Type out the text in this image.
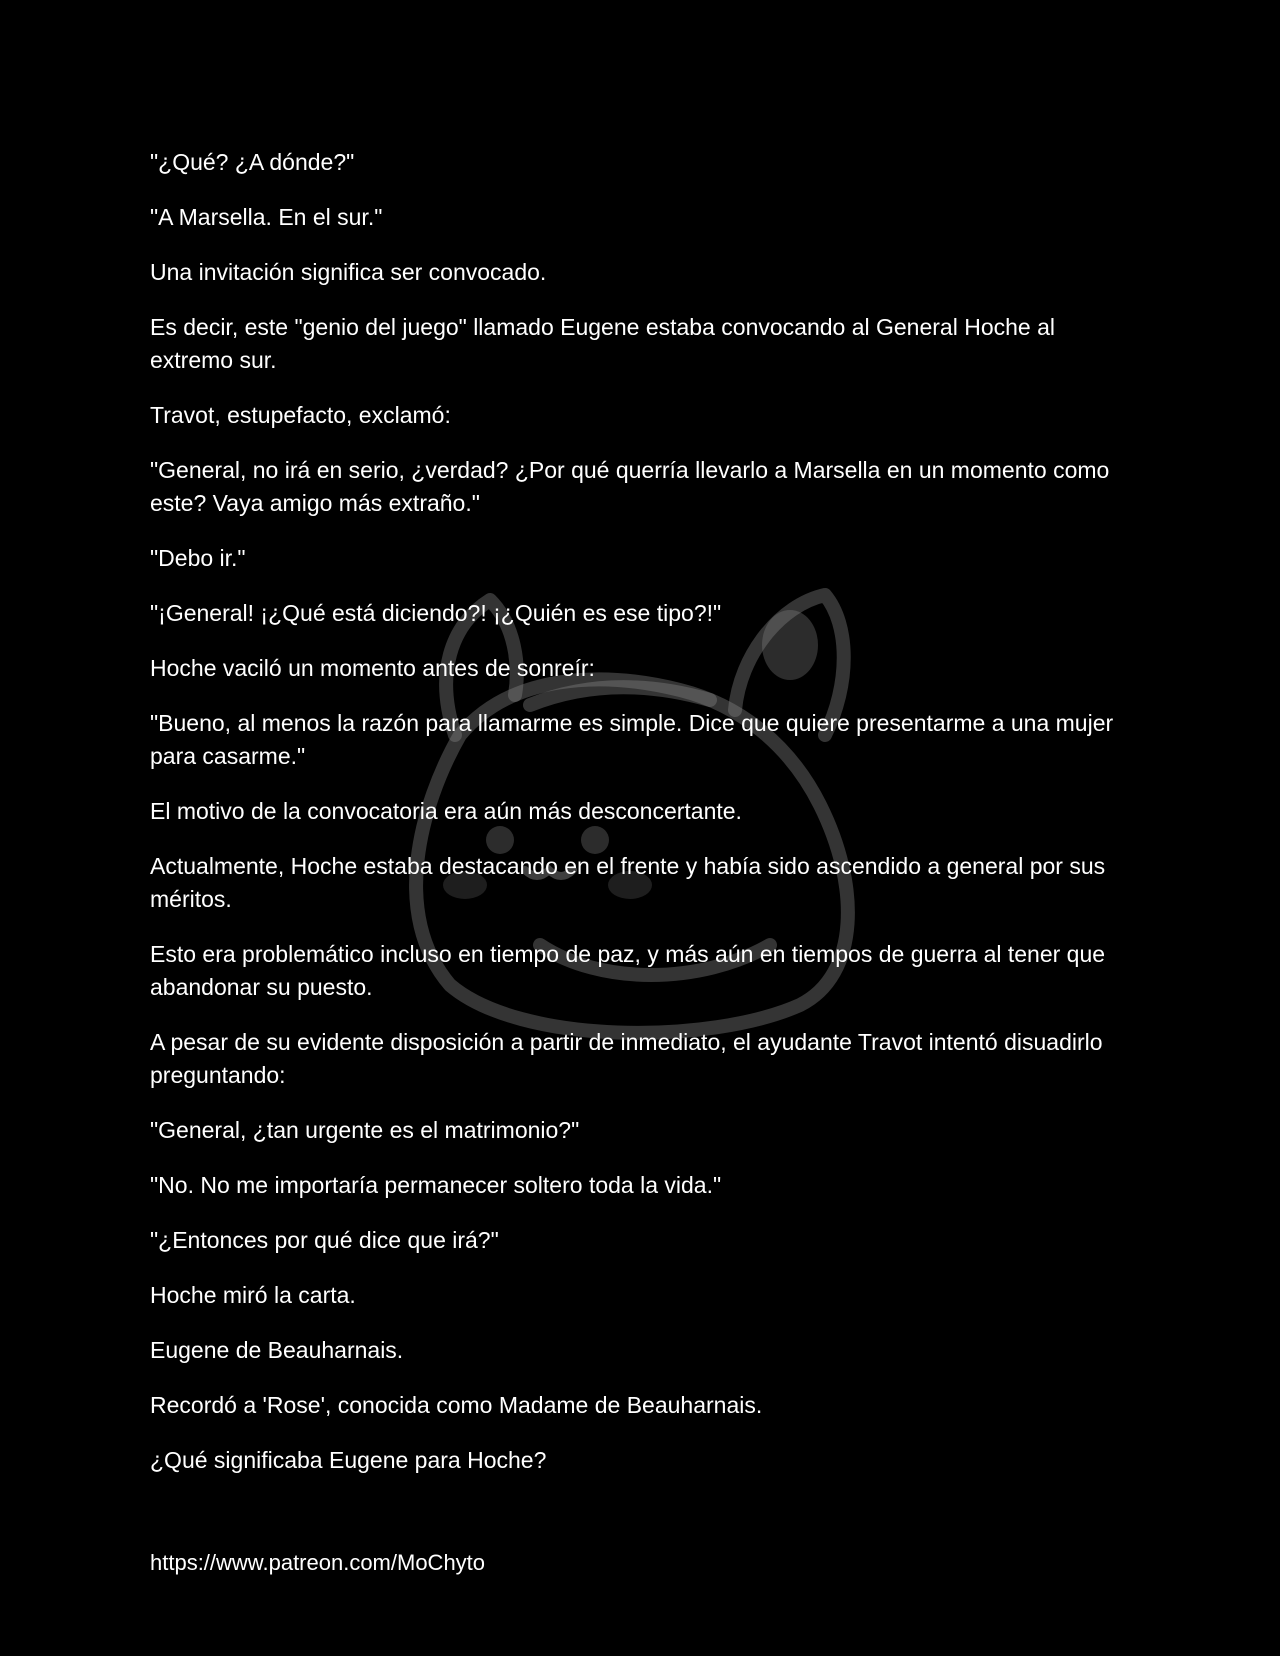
"¿Qué? ¿A dónde?"

"A Marsella. En el sur."

Una invitación significa ser convocado.

Es decir, este "genio del juego" llamado Eugene estaba convocando al General Hoche al extremo sur.

Travot, estupefacto, exclamó:

"General, no irá en serio, ¿verdad? ¿Por qué querría llevarlo a Marsella en un momento como este? Vaya amigo más extraño."

"Debo ir."

"¡General! ¡¿Qué está diciendo?! ¡¿Quién es ese tipo?!"

Hoche vaciló un momento antes de sonreír:

"Bueno, al menos la razón para llamarme es simple. Dice que quiere presentarme a una mujer para casarme."

El motivo de la convocatoria era aún más desconcertante.

Actualmente, Hoche estaba destacando en el frente y había sido ascendido a general por sus méritos.

Esto era problemático incluso en tiempo de paz, y más aún en tiempos de guerra al tener que abandonar su puesto.

A pesar de su evidente disposición a partir de inmediato, el ayudante Travot intentó disuadirlo preguntando:

"General, ¿tan urgente es el matrimonio?"

"No. No me importaría permanecer soltero toda la vida."

"¿Entonces por qué dice que irá?"

Hoche miró la carta.

Eugene de Beauharnais.

Recordó a 'Rose', conocida como Madame de Beauharnais.

¿Qué significaba Eugene para Hoche?

https://www.patreon.com/MoChyto
